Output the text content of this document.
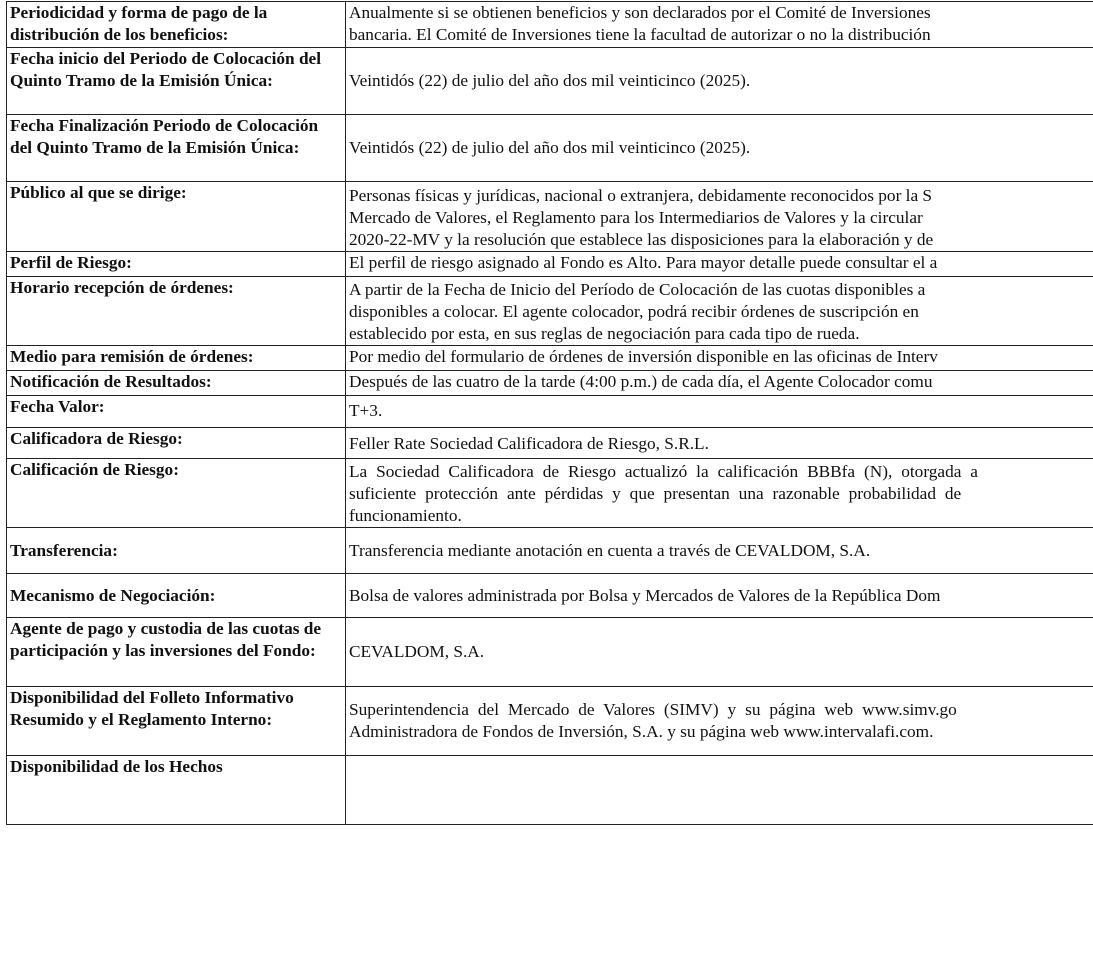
Periodicidad y forma de pago de la distribución de los beneficios:	Anualmente si se obtienen beneficios y son declarados por el Comité de Inversiones
bancaria. El Comité de Inversiones tiene la facultad de autorizar o no la distribución

Fecha inicio del Periodo de Colocación del Quinto Tramo de la Emisión Única:	Veintidós (22) de julio del año dos mil veinticinco (2025).

Fecha Finalización Periodo de Colocación del Quinto Tramo de la Emisión Única:	Veintidós (22) de julio del año dos mil veinticinco (2025).

Público al que se dirige:	Personas físicas y jurídicas, nacional o extranjera, debidamente reconocidos por la S
Mercado de Valores, el Reglamento para los Intermediarios de Valores y la circular
2020-22-MV y la resolución que establece las disposiciones para la elaboración y de

Perfil de Riesgo:	El perfil de riesgo asignado al Fondo es Alto. Para mayor detalle puede consultar el a

Horario recepción de órdenes:	A partir de la Fecha de Inicio del Período de Colocación de las cuotas disponibles a
disponibles a colocar. El agente colocador, podrá recibir órdenes de suscripción en
establecido por esta, en sus reglas de negociación para cada tipo de rueda.

Medio para remisión de órdenes:	Por medio del formulario de órdenes de inversión disponible en las oficinas de Interv

Notificación de Resultados:	Después de las cuatro de la tarde (4:00 p.m.) de cada día, el Agente Colocador comu

Fecha Valor:	T+3.

Calificadora de Riesgo:	Feller Rate Sociedad Calificadora de Riesgo, S.R.L.

Calificación de Riesgo:	La Sociedad Calificadora de Riesgo actualizó la calificación BBBfa (N), otorgada a
suficiente protección ante pérdidas y que presentan una razonable probabilidad de
funcionamiento.

Transferencia:	Transferencia mediante anotación en cuenta a través de CEVALDOM, S.A.

Mecanismo de Negociación:	Bolsa de valores administrada por Bolsa y Mercados de Valores de la República Dom

Agente de pago y custodia de las cuotas de participación y las inversiones del Fondo:	CEVALDOM, S.A.

Disponibilidad del Folleto Informativo Resumido y el Reglamento Interno:	Superintendencia del Mercado de Valores (SIMV) y su página web www.simv.go
Administradora de Fondos de Inversión, S.A. y su página web www.intervalafi.com.

Disponibilidad de los Hechos	
